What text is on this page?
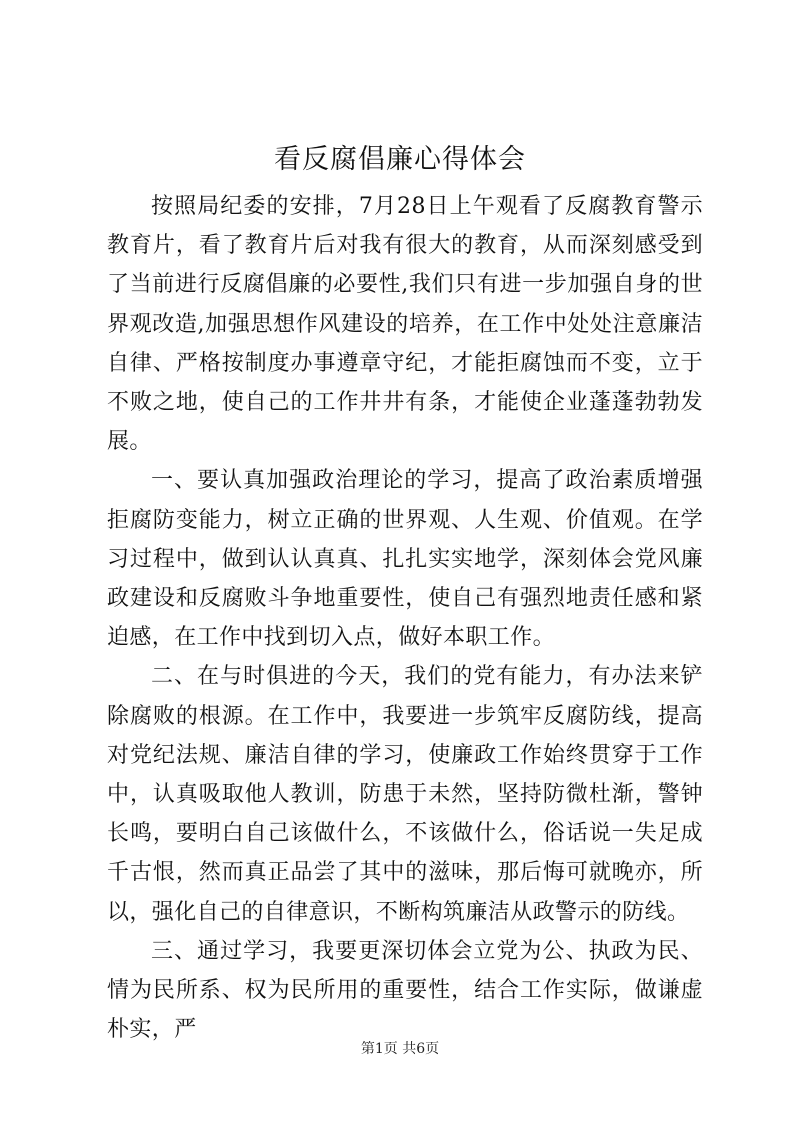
看反腐倡廉心得体会

按照局纪委的安排，7月28日上午观看了反腐教育警示教育片，看了教育片后对我有很大的教育，从而深刻感受到了当前进行反腐倡廉的必要性,我们只有进一步加强自身的世界观改造,加强思想作风建设的培养，在工作中处处注意廉洁自律、严格按制度办事遵章守纪，才能拒腐蚀而不变，立于不败之地，使自己的工作井井有条，才能使企业蓬蓬勃勃发展。

一、要认真加强政治理论的学习，提高了政治素质增强拒腐防变能力，树立正确的世界观、人生观、价值观。在学习过程中，做到认认真真、扎扎实实地学，深刻体会党风廉政建设和反腐败斗争地重要性，使自己有强烈地责任感和紧迫感，在工作中找到切入点，做好本职工作。

二、在与时俱进的今天，我们的党有能力，有办法来铲除腐败的根源。在工作中，我要进一步筑牢反腐防线，提高对党纪法规、廉洁自律的学习，使廉政工作始终贯穿于工作中，认真吸取他人教训，防患于未然，坚持防微杜渐，警钟长鸣，要明白自己该做什么，不该做什么，俗话说一失足成千古恨，然而真正品尝了其中的滋味，那后悔可就晚亦，所以，强化自己的自律意识，不断构筑廉洁从政警示的防线。

三、通过学习，我要更深切体会立党为公、执政为民、情为民所系、权为民所用的重要性，结合工作实际，做谦虚朴实，严

第1页 共6页
